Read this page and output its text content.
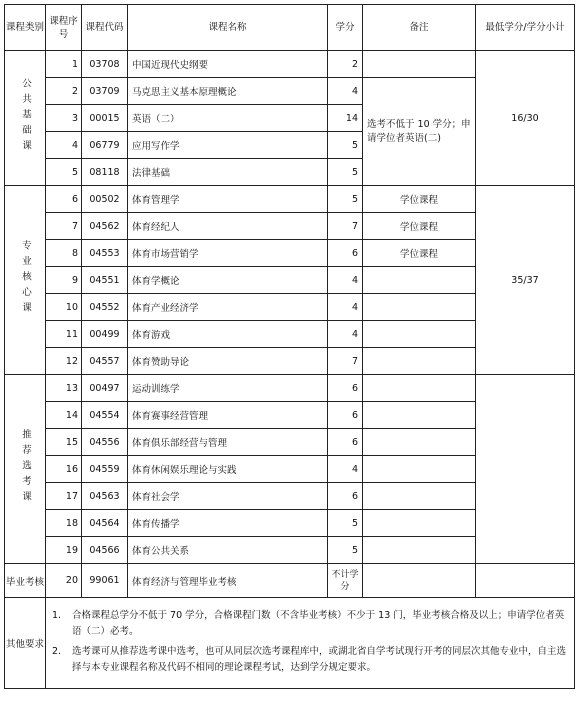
课程类别	课程序号	课程代码	课程名称	学分	备注	最低学分/学分小计
公共基础课	1	03708	中国近现代史纲要	2		16/30
	2	03709	马克思主义基本原理概论	4	选考不低于 10 学分；申请学位者英语(二)	
	3	00015	英语（二）	14		
	4	06779	应用写作学	5		
	5	08118	法律基础	5		
专业核心课	6	00502	体育管理学	5	学位课程	35/37
	7	04562	体育经纪人	7	学位课程	
	8	04553	体育市场营销学	6	学位课程	
	9	04551	体育学概论	4		
	10	04552	体育产业经济学	4		
	11	00499	体育游戏	4		
	12	04557	体育赞助导论	7		
推荐选考课	13	00497	运动训练学	6		
	14	04554	体育赛事经营管理	6		
	15	04556	体育俱乐部经营与管理	6		
	16	04559	体育休闲娱乐理论与实践	4		
	17	04563	体育社会学	6		
	18	04564	体育传播学	5		
	19	04566	体育公共关系	5		
毕业考核	20	99061	体育经济与管理毕业考核	不计学分		
其他要求	1. 合格课程总学分不低于 70 学分，合格课程门数（不含毕业考核）不少于 13 门，毕业考核合格及以上；申请学位者英语（二）必考。
2. 选考课可从推荐选考课中选考，也可从同层次选考课程库中，或湖北省自学考试现行开考的同层次其他专业中，自主选择与本专业课程名称及代码不相同的理论课程考试，达到学分规定要求。					
